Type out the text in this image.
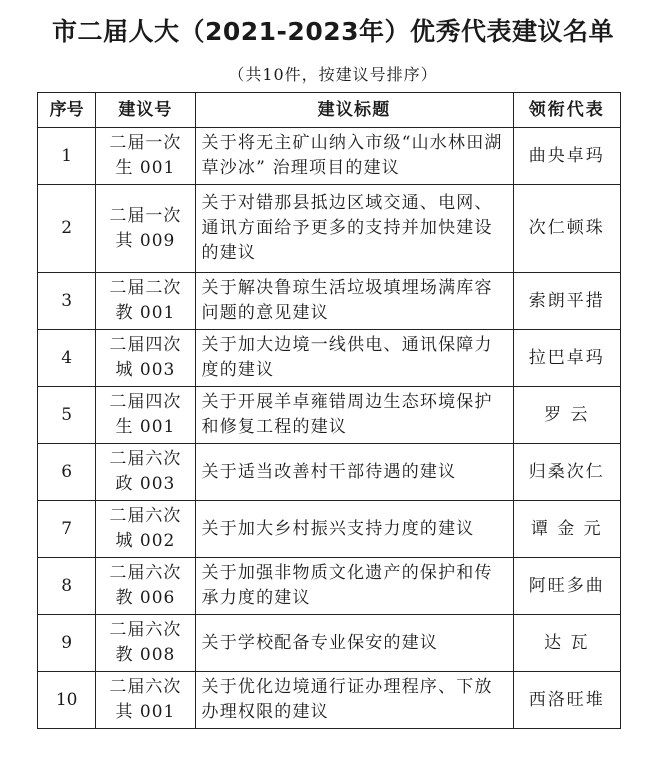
市二届人大（2021-2023年）优秀代表建议名单
（共10件，按建议号排序）
序号	建议号	建议标题	领衔代表
1	二届一次生 001	关于将无主矿山纳入市级“山水林田湖草沙冰” 治理项目的建议	曲央卓玛
2	二届一次其 009	关于对错那县抵边区域交通、电网、通讯方面给予更多的支持并加快建设的建议	次仁顿珠
3	二届二次教 001	关于解决鲁琼生活垃圾填埋场满库容问题的意见建议	索朗平措
4	二届四次城 003	关于加大边境一线供电、通讯保障力度的建议	拉巴卓玛
5	二届四次生 001	关于开展羊卓雍错周边生态环境保护和修复工程的建议	罗 云
6	二届六次政 003	关于适当改善村干部待遇的建议	归桑次仁
7	二届六次城 002	关于加大乡村振兴支持力度的建议	谭 金 元
8	二届六次教 006	关于加强非物质文化遗产的保护和传承力度的建议	阿旺多曲
9	二届六次教 008	关于学校配备专业保安的建议	达 瓦
10	二届六次其 001	关于优化边境通行证办理程序、下放办理权限的建议	西洛旺堆
